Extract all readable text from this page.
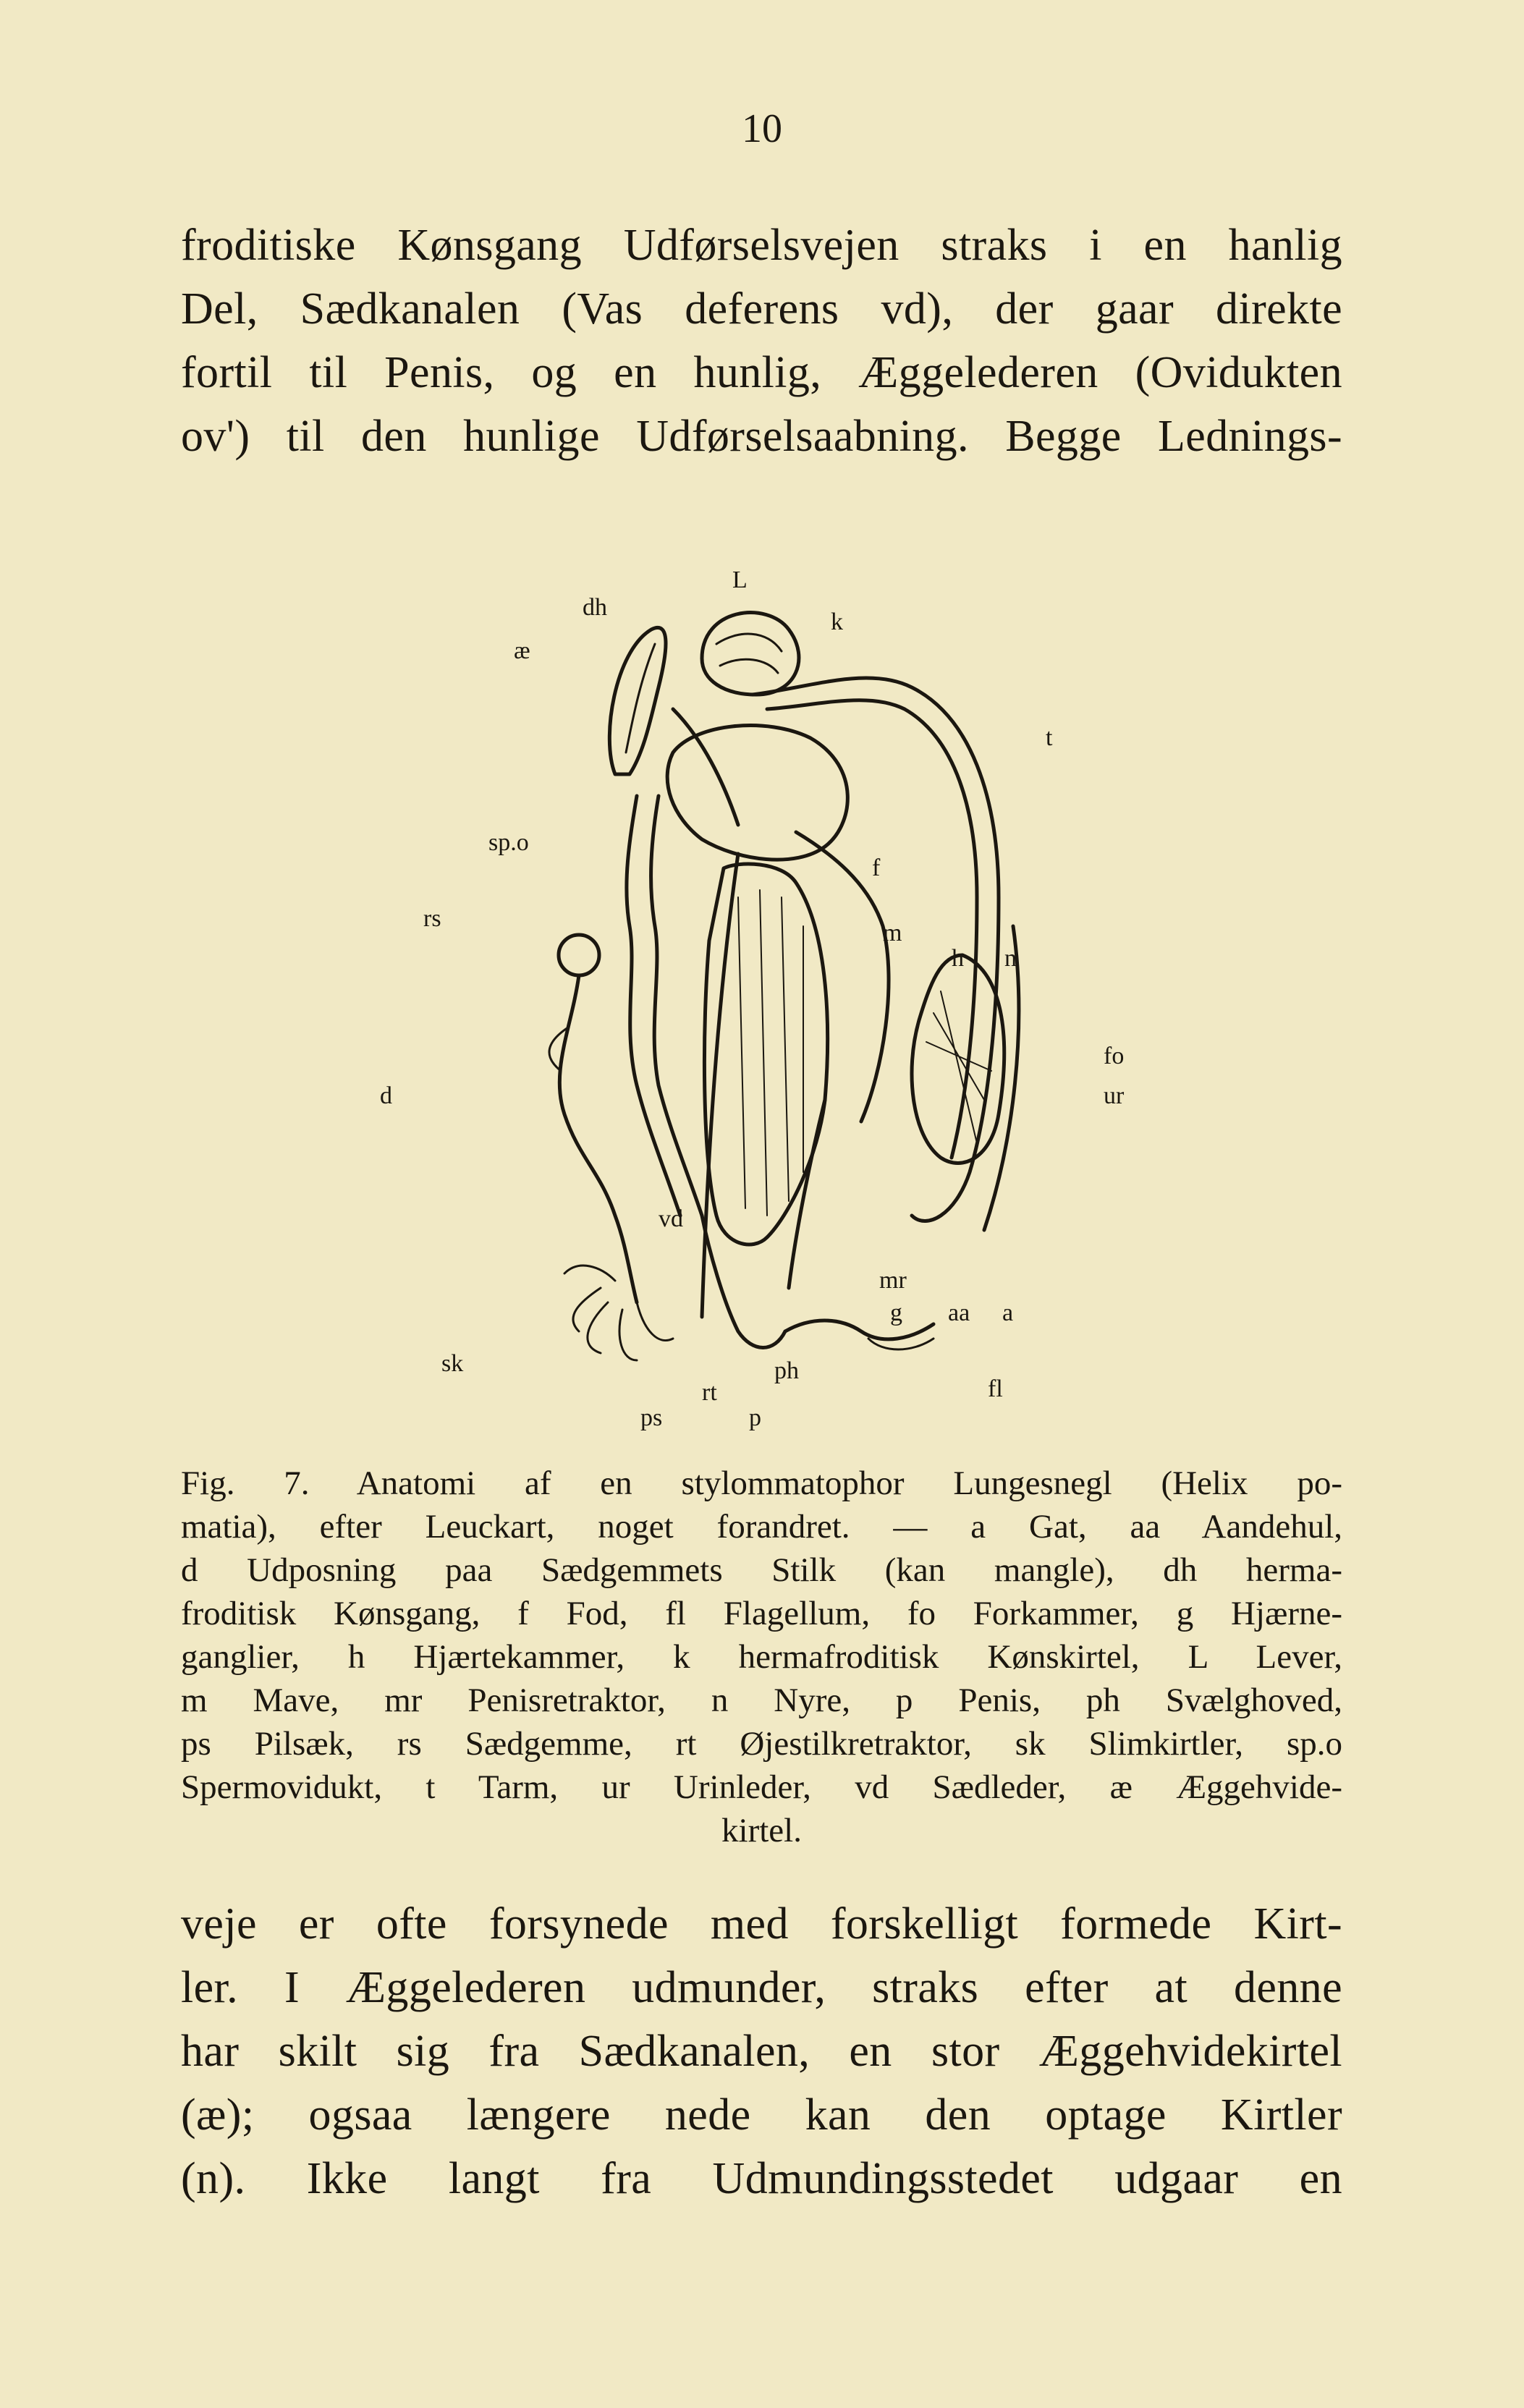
10
froditiske Kønsgang Udførselsvejen straks i en hanlig
Del, Sædkanalen (Vas deferens vd), der gaar direkte
fortil til Penis, og en hunlig, Æggelederen (Ovidukten
ov') til den hunlige Udførselsaabning. Begge Lednings-
L
dh
k
æ
t
sp.o
f
rs
m
h n
fo
ur
d
vd
mr
g aa a
sk	ph
rt
ps	p
fl
Fig. 7. Anatomi af en stylommatophor Lungesnegl (Helix po-
matia), efter Leuckart, noget forandret. — a Gat, aa Aandehul,
d Udposning paa Sædgemmets Stilk (kan mangle), dh herma-
froditisk Kønsgang, f Fod, fl Flagellum, fo Forkammer, g Hjærne-
ganglier, h Hjærtekammer, k hermafroditisk Kønskirtel, L Lever,
m Mave, mr Penisretraktor, n Nyre, p Penis, ph Svælghoved,
ps Pilsæk, rs Sædgemme, rt Øjestilkretraktor, sk Slimkirtler, sp.o
Spermovidukt, t Tarm, ur Urinleder, vd Sædleder, æ Æggehvide-
kirtel.
veje er ofte forsynede med forskelligt formede Kirt-
ler. I Æggelederen udmunder, straks efter at denne
har skilt sig fra Sædkanalen, en stor Æggehvidekirtel
(æ); ogsaa længere nede kan den optage Kirtler
(n). Ikke langt fra Udmundingsstedet udgaar en
